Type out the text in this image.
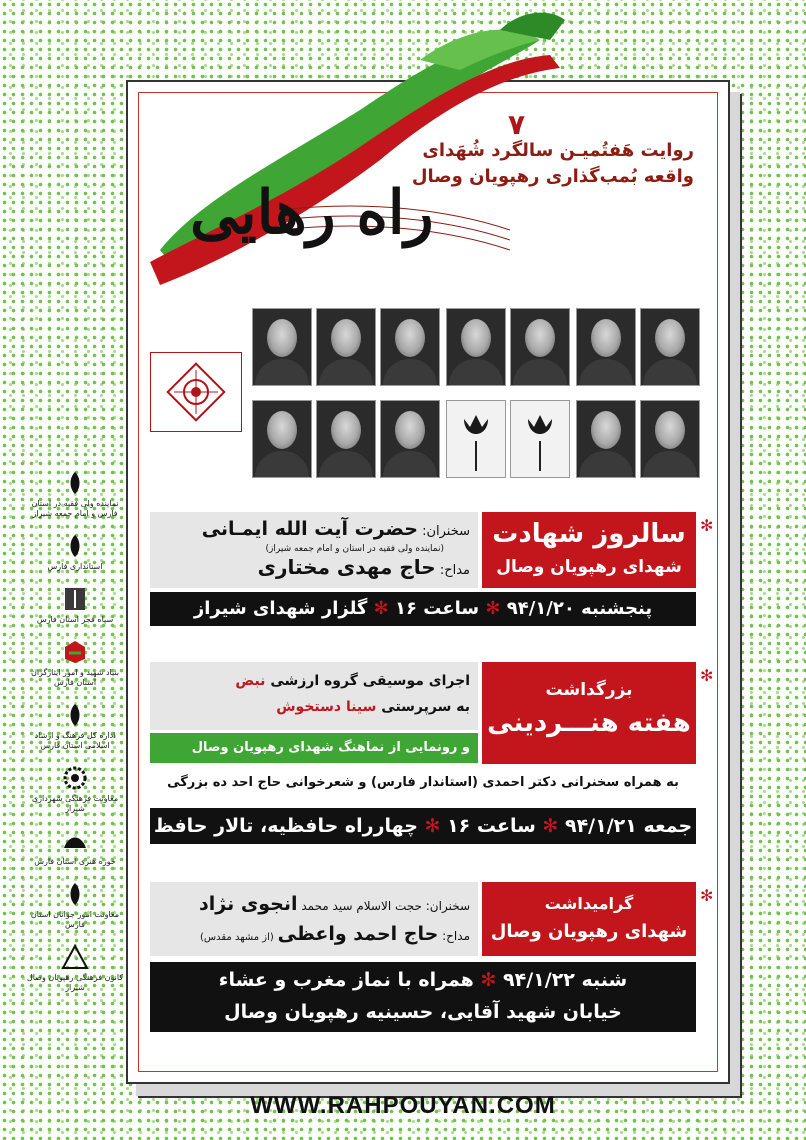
۷
روایت هَفتُمیـن سالگرد شُهَدای
واقعه بُمب‌گذاری رهپویان وصال
راه رهایی
نماینده ولی فقیه در استان فارس و امام جمعه شیراز
استانداری فارس
سپاه فجر استان فارس
بنیاد شهید و امور ایثارگران استان فارس
اداره کل فرهنگ و ارشاد اسلامی استان فارس
معاونت فرهنگی شهرداری شیراز
حوزه هنری استان فارس
معاونت امور جوانان استان فارس
کانون فرهنگی رهپویان وصال شیراز
✻
سالروز شهادت
شهدای رهپویان وصال
سخنران: حضرت آیت الله ایمـانی
(نماینده ولی فقیه در استان و امام جمعه شیراز)
مداح: حاج مهدی مختاری
پنجشنبه ۹۴/۱/۲۰ ✻ ساعت ۱۶ ✻ گلزار شهدای شیراز
✻
بزرگداشت
هفته هنـــردینی
اجرای موسیقی گروه ارزشی نبض
به سرپرستی سینا دستخوش
و رونمایی از نماهنگ شهدای رهپویان وصال
به همراه سخنرانی دکتر احمدی (استاندار فارس) و شعرخوانی حاج احد ده بزرگی
جمعه ۹۴/۱/۲۱ ✻ ساعت ۱۶ ✻ چهارراه حافظیه، تالار حافظ
✻
گرامیداشت
شهدای رهپویان وصال
سخنران: حجت الاسلام سید محمد انجوی نژاد
مداح: حاج احمد واعظی (از مشهد مقدس)
شنبه ۹۴/۱/۲۲ ✻ همراه با نماز مغرب و عشاء
خیابان شهید آقایی، حسینیه رهپویان وصال
WWW.RAHPOUYAN.COM
